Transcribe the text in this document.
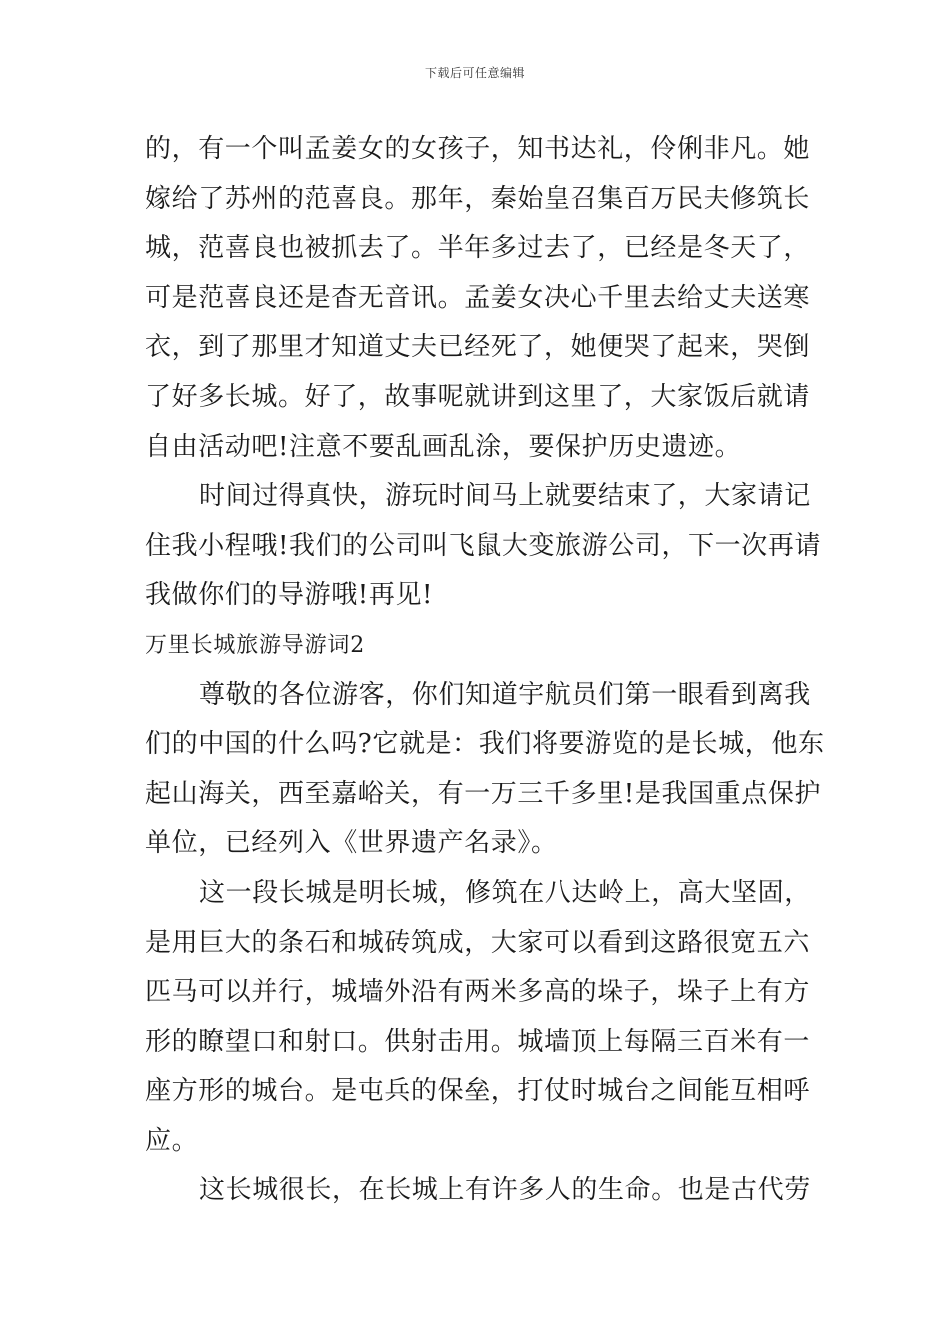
下载后可任意编辑
的，有一个叫孟姜女的女孩子，知书达礼，伶俐非凡。她
嫁给了苏州的范喜良。那年，秦始皇召集百万民夫修筑长
城，范喜良也被抓去了。半年多过去了，已经是冬天了，
可是范喜良还是杳无音讯。孟姜女决心千里去给丈夫送寒
衣，到了那里才知道丈夫已经死了，她便哭了起来，哭倒
了好多长城。好了，故事呢就讲到这里了，大家饭后就请
自由活动吧!注意不要乱画乱涂，要保护历史遗迹。
时间过得真快，游玩时间马上就要结束了，大家请记
住我小程哦!我们的公司叫飞鼠大变旅游公司，下一次再请
我做你们的导游哦!再见!
万里长城旅游导游词2
尊敬的各位游客，你们知道宇航员们第一眼看到离我
们的中国的什么吗?它就是：我们将要游览的是长城，他东
起山海关，西至嘉峪关，有一万三千多里!是我国重点保护
单位，已经列入《世界遗产名录》。
这一段长城是明长城，修筑在八达岭上，高大坚固，
是用巨大的条石和城砖筑成，大家可以看到这路很宽五六
匹马可以并行，城墙外沿有两米多高的垛子，垛子上有方
形的瞭望口和射口。供射击用。城墙顶上每隔三百米有一
座方形的城台。是屯兵的保垒，打仗时城台之间能互相呼
应。
这长城很长，在长城上有许多人的生命。也是古代劳
